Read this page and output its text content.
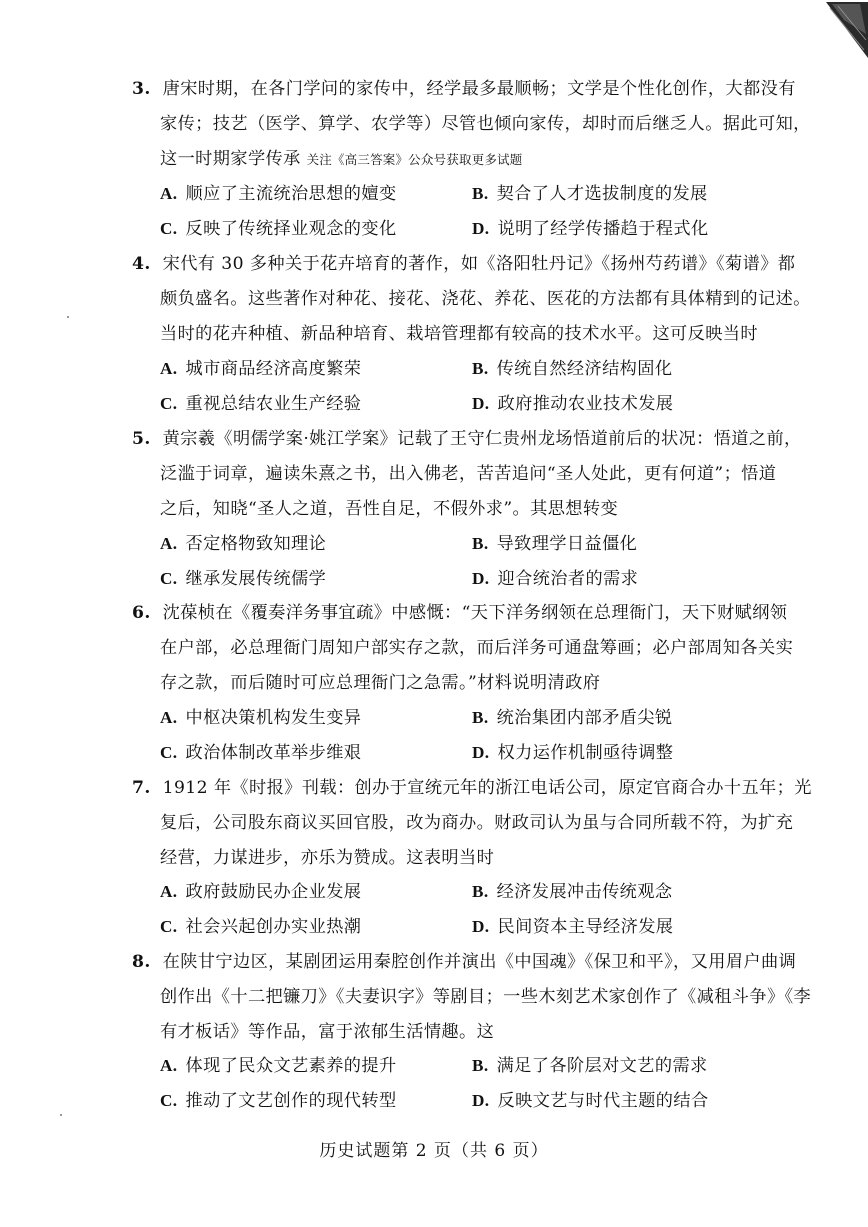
3. 唐宋时期，在各门学问的家传中，经学最多最顺畅；文学是个性化创作，大都没有
家传；技艺（医学、算学、农学等）尽管也倾向家传，却时而后继乏人。据此可知，
这一时期家学传承 关注《高三答案》公众号获取更多试题
A. 顺应了主流统治思想的嬗变	B. 契合了人才选拔制度的发展
C. 反映了传统择业观念的变化	D. 说明了经学传播趋于程式化
4. 宋代有 30 多种关于花卉培育的著作，如《洛阳牡丹记》《扬州芍药谱》《菊谱》都
颇负盛名。这些著作对种花、接花、浇花、养花、医花的方法都有具体精到的记述。
当时的花卉种植、新品种培育、栽培管理都有较高的技术水平。这可反映当时
A. 城市商品经济高度繁荣	B. 传统自然经济结构固化
C. 重视总结农业生产经验	D. 政府推动农业技术发展
5. 黄宗羲《明儒学案·姚江学案》记载了王守仁贵州龙场悟道前后的状况：悟道之前，
泛滥于词章，遍读朱熹之书，出入佛老，苦苦追问“圣人处此，更有何道”；悟道
之后，知晓“圣人之道，吾性自足，不假外求”。其思想转变
A. 否定格物致知理论	B. 导致理学日益僵化
C. 继承发展传统儒学	D. 迎合统治者的需求
6. 沈葆桢在《覆奏洋务事宜疏》中感慨：“天下洋务纲领在总理衙门，天下财赋纲领
在户部，必总理衙门周知户部实存之款，而后洋务可通盘筹画；必户部周知各关实
存之款，而后随时可应总理衙门之急需。”材料说明清政府
A. 中枢决策机构发生变异	B. 统治集团内部矛盾尖锐
C. 政治体制改革举步维艰	D. 权力运作机制亟待调整
7. 1912 年《时报》刊载：创办于宣统元年的浙江电话公司，原定官商合办十五年；光
复后，公司股东商议买回官股，改为商办。财政司认为虽与合同所载不符，为扩充
经营，力谋进步，亦乐为赞成。这表明当时
A. 政府鼓励民办企业发展	B. 经济发展冲击传统观念
C. 社会兴起创办实业热潮	D. 民间资本主导经济发展
8. 在陕甘宁边区，某剧团运用秦腔创作并演出《中国魂》《保卫和平》，又用眉户曲调
创作出《十二把镰刀》《夫妻识字》等剧目；一些木刻艺术家创作了《减租斗争》《李
有才板话》等作品，富于浓郁生活情趣。这
A. 体现了民众文艺素养的提升	B. 满足了各阶层对文艺的需求
C. 推动了文艺创作的现代转型	D. 反映文艺与时代主题的结合
历史试题第 2 页（共 6 页）
